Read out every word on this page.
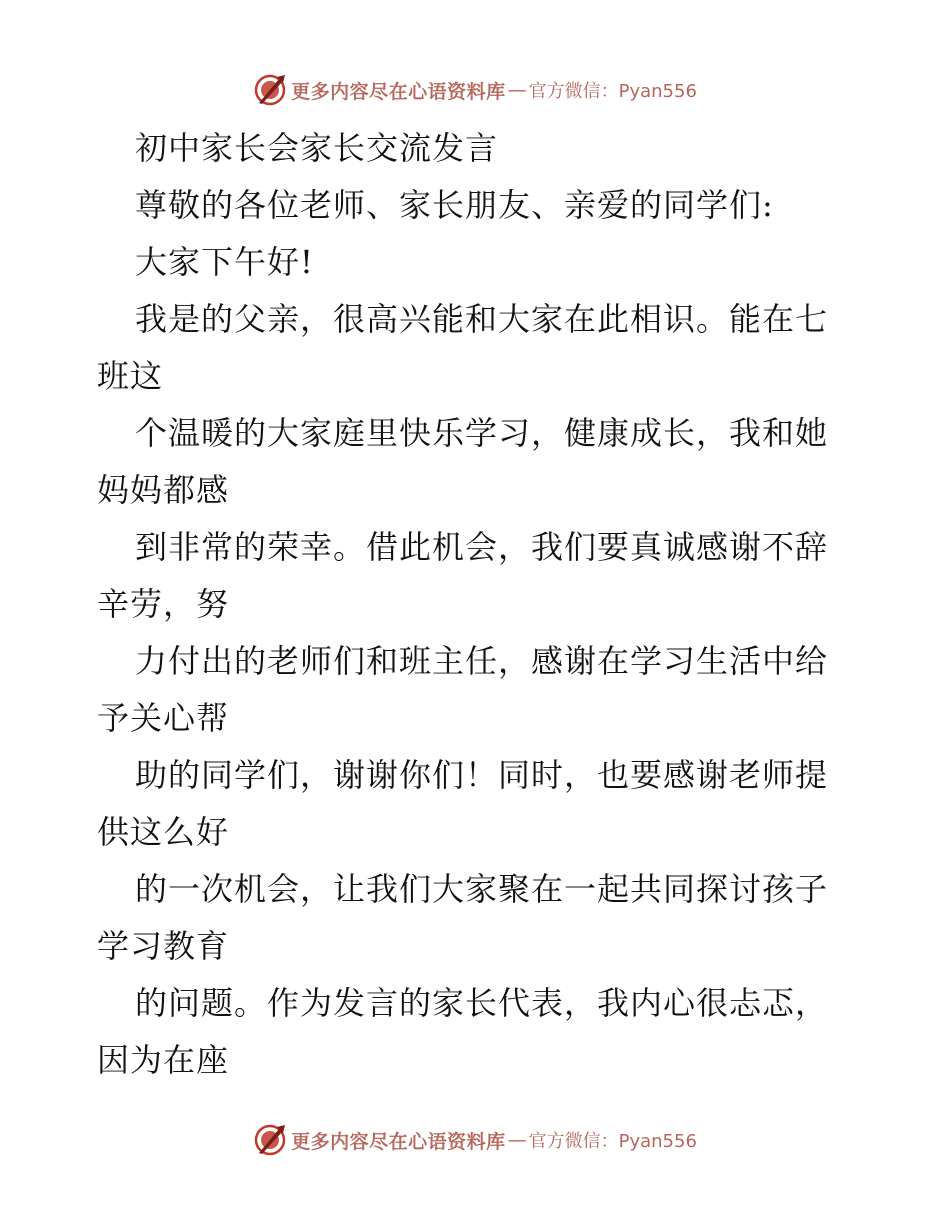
更多内容尽在心语资料库 — 官方微信：Pyan556
初中家长会家长交流发言
尊敬的各位老师、家长朋友、亲爱的同学们:
大家下午好!
我是的父亲，很高兴能和大家在此相识。能在七
班这
个温暖的大家庭里快乐学习，健康成长，我和她
妈妈都感
到非常的荣幸。借此机会，我们要真诚感谢不辞
辛劳，努
力付出的老师们和班主任，感谢在学习生活中给
予关心帮
助的同学们，谢谢你们！同时，也要感谢老师提
供这么好
的一次机会，让我们大家聚在一起共同探讨孩子
学习教育
的问题。作为发言的家长代表，我内心很忐忑，
因为在座
更多内容尽在心语资料库 — 官方微信：Pyan556
